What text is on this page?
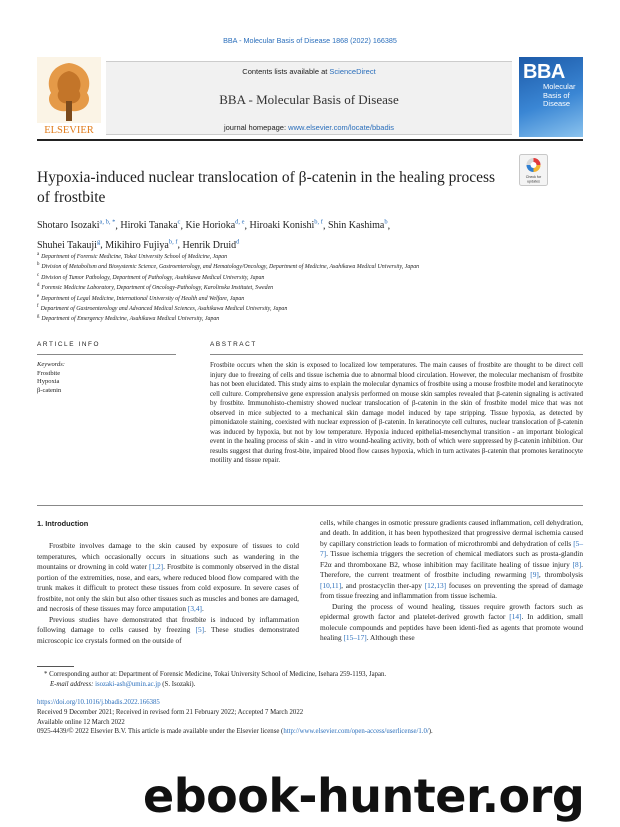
BBA - Molecular Basis of Disease 1868 (2022) 166385
ELSEVIER
Contents lists available at ScienceDirect
BBA - Molecular Basis of Disease
journal homepage: www.elsevier.com/locate/bbadis
BBA
Molecular
Basis of
Disease
Hypoxia-induced nuclear translocation of β-catenin in the healing process
of frostbite
Check for
updates
Shotaro Isozaki$^{a, b, *}$, Hiroki Tanaka$^c$, Kie Horioka$^{d, e}$, Hiroaki Konishi$^{b, f}$, Shin Kashima$^b$,
Shuhei Takauji$^g$, Mikihiro Fujiya$^{b, f}$, Henrik Druid$^d$
$^a$ Department of Forensic Medicine, Tokai University School of Medicine, Japan
$^b$ Division of Metabolism and Biosystemic Science, Gastroenterology, and Hematology/Oncology, Department of Medicine, Asahikawa Medical University, Japan
$^c$ Division of Tumor Pathology, Department of Pathology, Asahikawa Medical University, Japan
$^d$ Forensic Medicine Laboratory, Department of Oncology-Pathology, Karolinska Institutet, Sweden
$^e$ Department of Legal Medicine, International University of Health and Welfare, Japan
$^f$ Department of Gastroenterology and Advanced Medical Sciences, Asahikawa Medical University, Japan
$^g$ Department of Emergency Medicine, Asahikawa Medical University, Japan
ARTICLE INFO
Keywords:
Frostbite
Hypoxia
β-catenin
ABSTRACT
Frostbite occurs when the skin is exposed to localized low temperatures. The main causes of frostbite are thought to be direct cell injury due to freezing of cells and tissue ischemia due to abnormal blood circulation. However, the molecular mechanism of frostbite has not been elucidated. This study aims to explain the molecular dynamics of frostbite using a mouse frostbite model and keratinocyte cell culture. Comprehensive gene expression analysis performed on mouse skin samples revealed that β-catenin signaling is activated by frostbite. Immunohisto-chemistry showed nuclear translocation of β-catenin in the skin of frostbite model mice that was not observed in mice subjected to a mechanical skin damage model induced by tape stripping. Tissue hypoxia, as detected by pimonidazole staining, coexisted with nuclear expression of β-catenin. In keratinocyte cell cultures, nuclear translocation of β-catenin was induced by hypoxia, but not by low temperature. Hypoxia induced epithelial-mesenchymal transition - an important biological event in the healing process of skin - and in vitro wound-healing activity, both of which were suppressed by β-catenin inhibition. Our results suggest that during frost-bite, impaired blood flow causes hypoxia, which in turn activates β-catenin that promotes keratinocyte motility and tissue repair.
1. Introduction

Frostbite involves damage to the skin caused by exposure of tissues to cold temperatures, which occasionally occurs in situations such as wandering in the mountains or drowning in cold water [1,2]. Frostbite is commonly observed in the distal portion of the extremities, nose, and ears, where reduced blood flow compared with the trunk makes it difficult to protect these tissues from cold exposure. In severe cases of frostbite, not only the skin but also other tissues such as muscles and bones are damaged, and necrosis of these tissues may force amputation [3,4].

Previous studies have demonstrated that frostbite is induced by inflammation following damage to cells caused by freezing [5]. These studies demonstrated microscopic ice crystals formed on the outside of

cells, while changes in osmotic pressure gradients caused inflammation, cell dehydration, and death. In addition, it has been hypothesized that progressive dermal ischemia caused by capillary constriction leads to formation of microthrombi and dehydration of cells [5–7]. Tissue ischemia triggers the secretion of chemical mediators such as prosta-glandin F2α and thromboxane B2, whose inhibition may facilitate healing of tissue injury [8]. Therefore, the current treatment of frostbite including rewarming [9], thrombolysis [10,11], and prostacyclin ther-apy [12,13] focuses on preventing the spread of damage from tissue freezing and inflammation from tissue ischemia.

During the process of wound healing, tissues require growth factors such as epidermal growth factor and platelet-derived growth factor [14]. In addition, small molecule compounds and peptides have been identi-fied as agents that promote wound healing [15–17]. Although these

* Corresponding author at: Department of Forensic Medicine, Tokai University School of Medicine, Isehara 259-1193, Japan.
E-mail address: isozaki-ash@umin.ac.jp (S. Isozaki).
https://doi.org/10.1016/j.bbadis.2022.166385
Received 9 December 2021; Received in revised form 21 February 2022; Accepted 7 March 2022
Available online 12 March 2022
0925-4439/© 2022 Elsevier B.V. This article is made available under the Elsevier license (http://www.elsevier.com/open-access/userlicense/1.0/).
ebook-hunter.org
